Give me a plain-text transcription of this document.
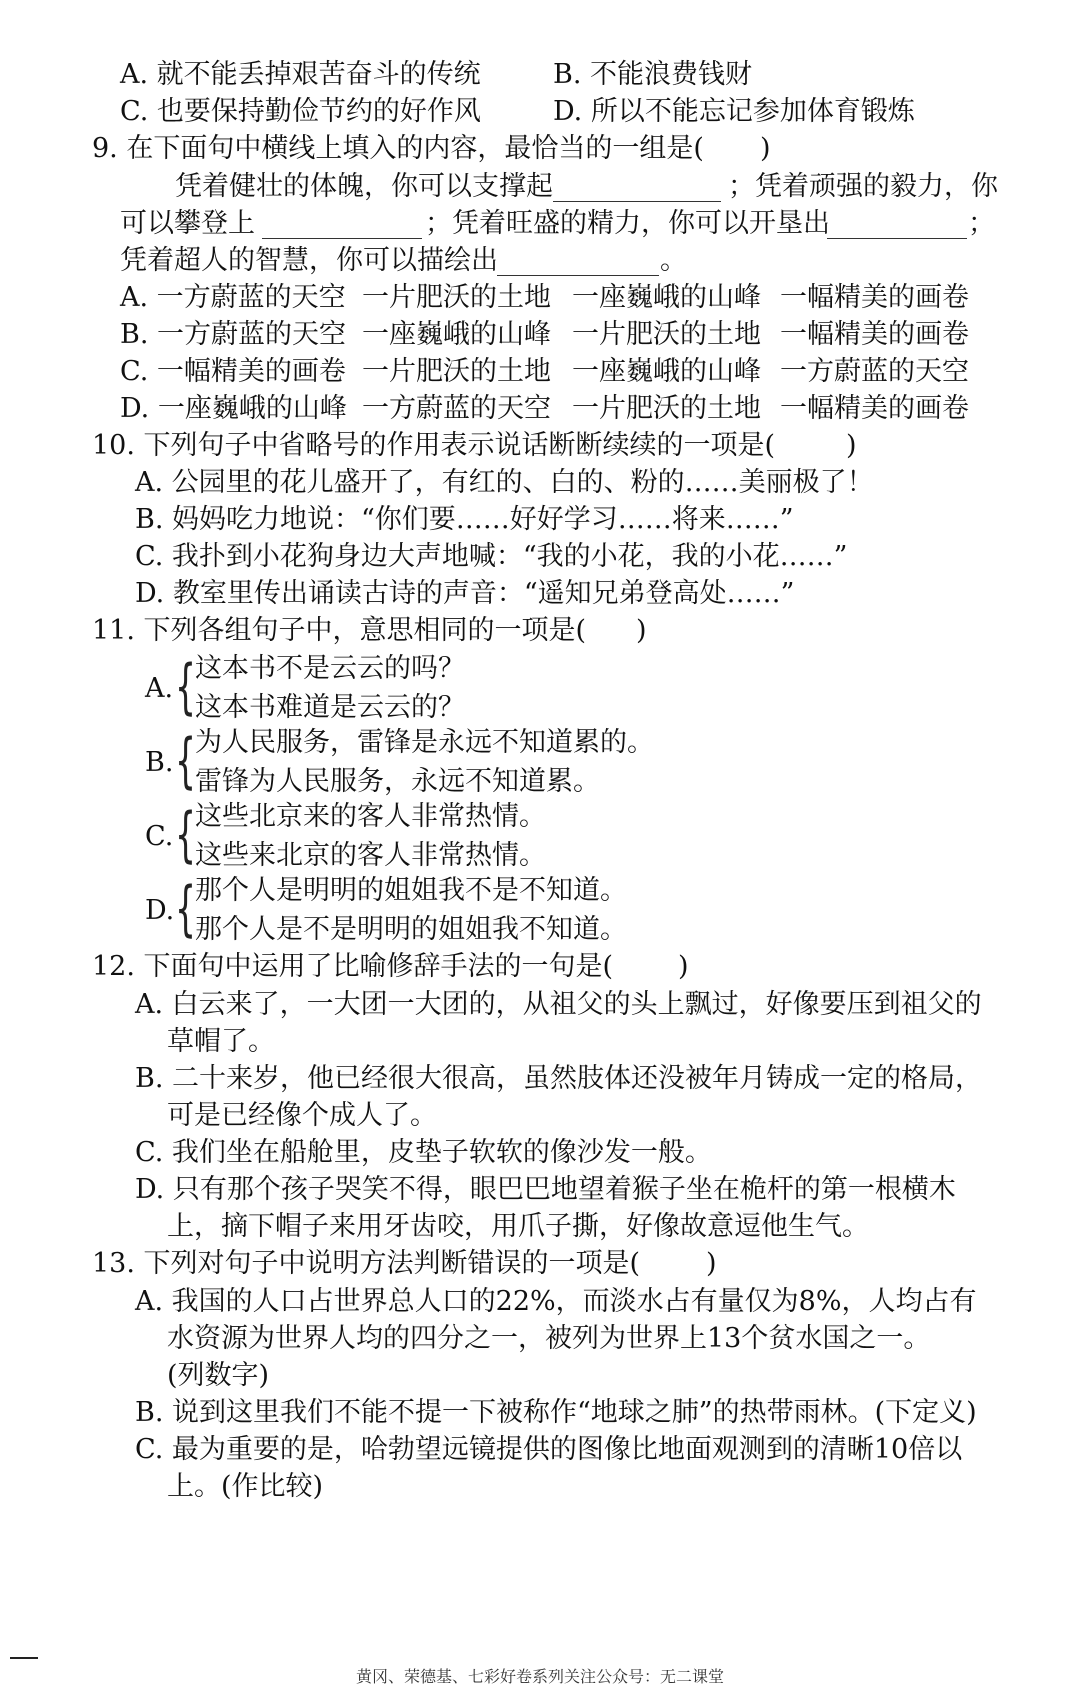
A. 就不能丢掉艰苦奋斗的传统	B. 不能浪费钱财
C. 也要保持勤俭节约的好作风	D. 所以不能忘记参加体育锻炼
9. 在下面句中横线上填入的内容，最恰当的一组是( )
凭着健壮的体魄，你可以支撑起	；凭着顽强的毅力，你
可以攀登上	；凭着旺盛的精力，你可以开垦出	；
凭着超人的智慧，你可以描绘出	。
A. 一方蔚蓝的天空 一片肥沃的土地 一座巍峨的山峰 一幅精美的画卷
B. 一方蔚蓝的天空 一座巍峨的山峰 一片肥沃的土地 一幅精美的画卷
C. 一幅精美的画卷 一片肥沃的土地 一座巍峨的山峰 一方蔚蓝的天空
D. 一座巍峨的山峰 一方蔚蓝的天空 一片肥沃的土地 一幅精美的画卷
10. 下列句子中省略号的作用表示说话断断续续的一项是(	)
A. 公园里的花儿盛开了，有红的、白的、粉的……美丽极了！
B. 妈妈吃力地说：“你们要……好好学习……将来……”
C. 我扑到小花狗身边大声地喊：“我的小花，我的小花……”
D. 教室里传出诵读古诗的声音：“遥知兄弟登高处……”
11. 下列各组句子中，意思相同的一项是( )
A. {
这本书不是云云的吗？
这本书难道是云云的？
B. {
为人民服务，雷锋是永远不知道累的。
雷锋为人民服务，永远不知道累。
C. {
这些北京来的客人非常热情。
这些来北京的客人非常热情。
D. {
那个人是明明的姐姐我不是不知道。
那个人是不是明明的姐姐我不知道。
12. 下面句中运用了比喻修辞手法的一句是( )
A. 白云来了，一大团一大团的，从祖父的头上飘过，好像要压到祖父的
草帽了。
B. 二十来岁，他已经很大很高，虽然肢体还没被年月铸成一定的格局，
可是已经像个成人了。
C. 我们坐在船舱里，皮垫子软软的像沙发一般。
D. 只有那个孩子哭笑不得，眼巴巴地望着猴子坐在桅杆的第一根横木
上，摘下帽子来用牙齿咬，用爪子撕，好像故意逗他生气。
13. 下列对句子中说明方法判断错误的一项是( )
A. 我国的人口占世界总人口的22%，而淡水占有量仅为8%，人均占有
水资源为世界人均的四分之一，被列为世界上13个贫水国之一。
(列数字)
B. 说到这里我们不能不提一下被称作“地球之肺”的热带雨林。(下定义)
C. 最为重要的是，哈勃望远镜提供的图像比地面观测到的清晰10倍以
上。(作比较)
黄冈、荣德基、七彩好卷系列关注公众号：无二课堂
